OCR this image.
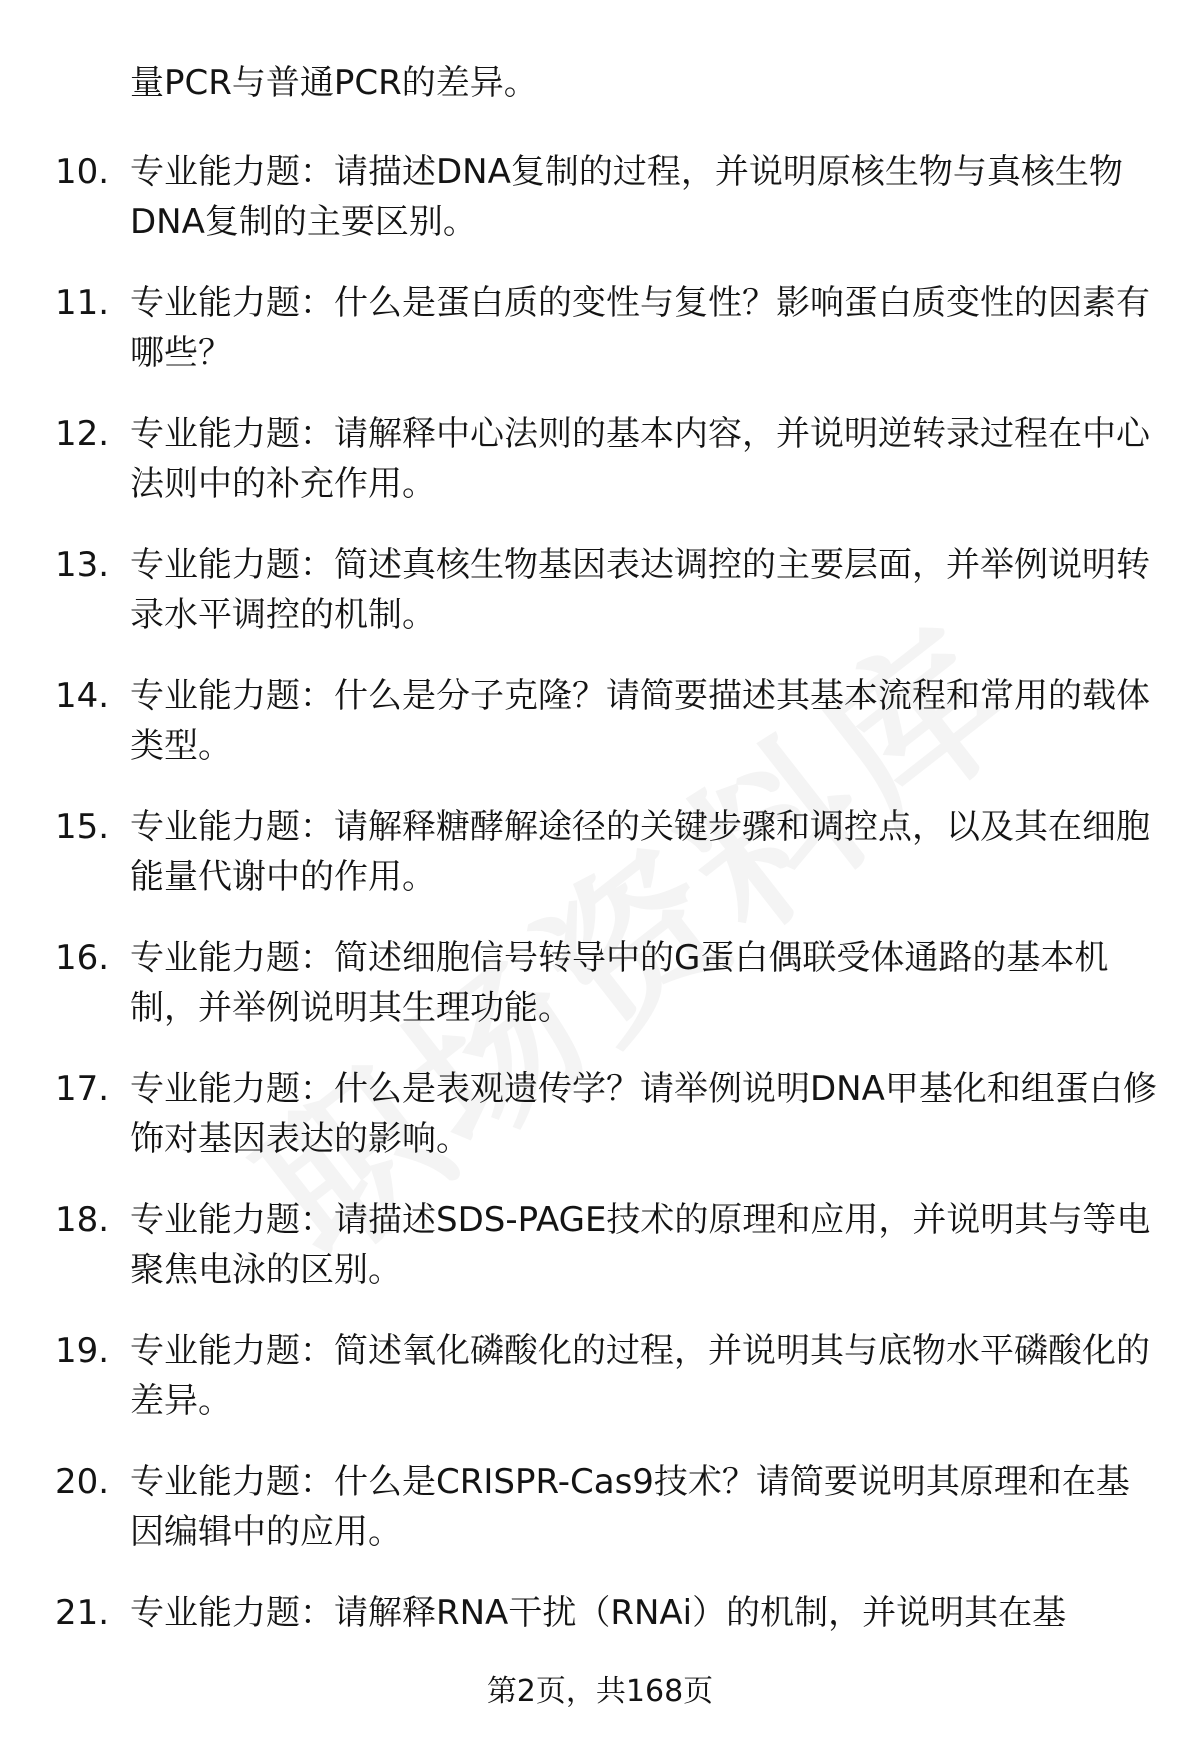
量PCR与普通PCR的差异。
10. 专业能力题：请描述DNA复制的过程，并说明原核生物与真核生物DNA复制的主要区别。
11. 专业能力题：什么是蛋白质的变性与复性？影响蛋白质变性的因素有哪些？
12. 专业能力题：请解释中心法则的基本内容，并说明逆转录过程在中心法则中的补充作用。
13. 专业能力题：简述真核生物基因表达调控的主要层面，并举例说明转录水平调控的机制。
14. 专业能力题：什么是分子克隆？请简要描述其基本流程和常用的载体类型。
15. 专业能力题：请解释糖酵解途径的关键步骤和调控点，以及其在细胞能量代谢中的作用。
16. 专业能力题：简述细胞信号转导中的G蛋白偶联受体通路的基本机制，并举例说明其生理功能。
17. 专业能力题：什么是表观遗传学？请举例说明DNA甲基化和组蛋白修饰对基因表达的影响。
18. 专业能力题：请描述SDS-PAGE技术的原理和应用，并说明其与等电聚焦电泳的区别。
19. 专业能力题：简述氧化磷酸化的过程，并说明其与底物水平磷酸化的差异。
20. 专业能力题：什么是CRISPR-Cas9技术？请简要说明其原理和在基因编辑中的应用。
21. 专业能力题：请解释RNA干扰（RNAi）的机制，并说明其在基
第2页，共168页
